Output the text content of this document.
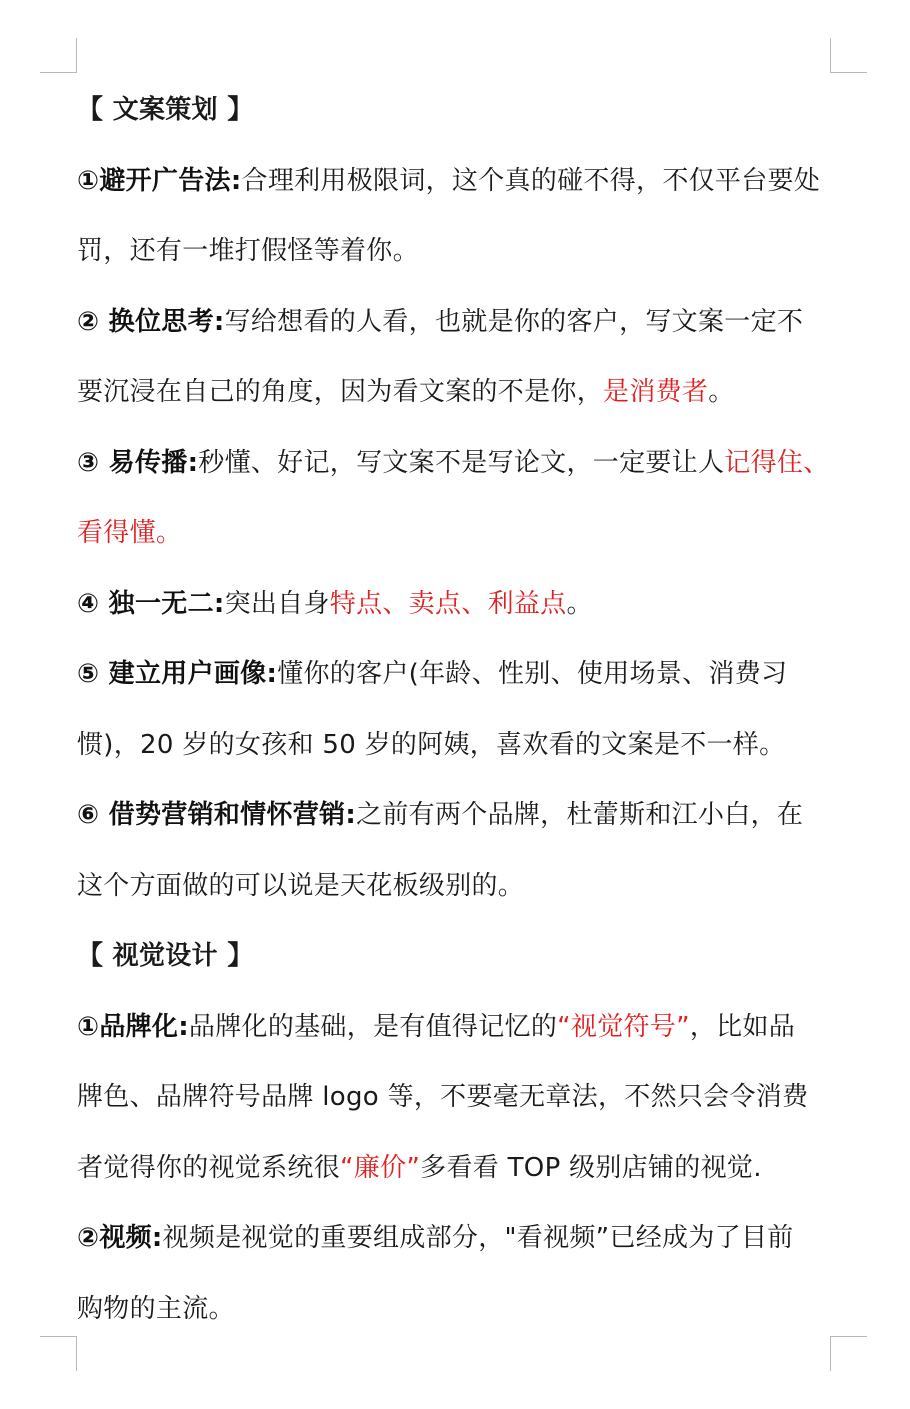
【 文案策划 】
①避开广告法:合理利用极限词，这个真的碰不得，不仅平台要处
罚，还有一堆打假怪等着你。
② 换位思考:写给想看的人看，也就是你的客户，写文案一定不
要沉浸在自己的角度，因为看文案的不是你，是消费者。
③ 易传播:秒懂、好记，写文案不是写论文，一定要让人记得住、
看得懂。
④ 独一无二:突出自身特点、卖点、利益点。
⑤ 建立用户画像:懂你的客户(年龄、性别、使用场景、消费习
惯)，20 岁的女孩和 50 岁的阿姨，喜欢看的文案是不一样。
⑥ 借势营销和情怀营销:之前有两个品牌，杜蕾斯和江小白，在
这个方面做的可以说是天花板级别的。
【 视觉设计 】
①品牌化:品牌化的基础，是有值得记忆的“视觉符号”，比如品
牌色、品牌符号品牌 logo 等，不要毫无章法，不然只会令消费
者觉得你的视觉系统很“廉价”多看看 TOP 级别店铺的视觉.
②视频:视频是视觉的重要组成部分，"看视频”已经成为了目前
购物的主流。
